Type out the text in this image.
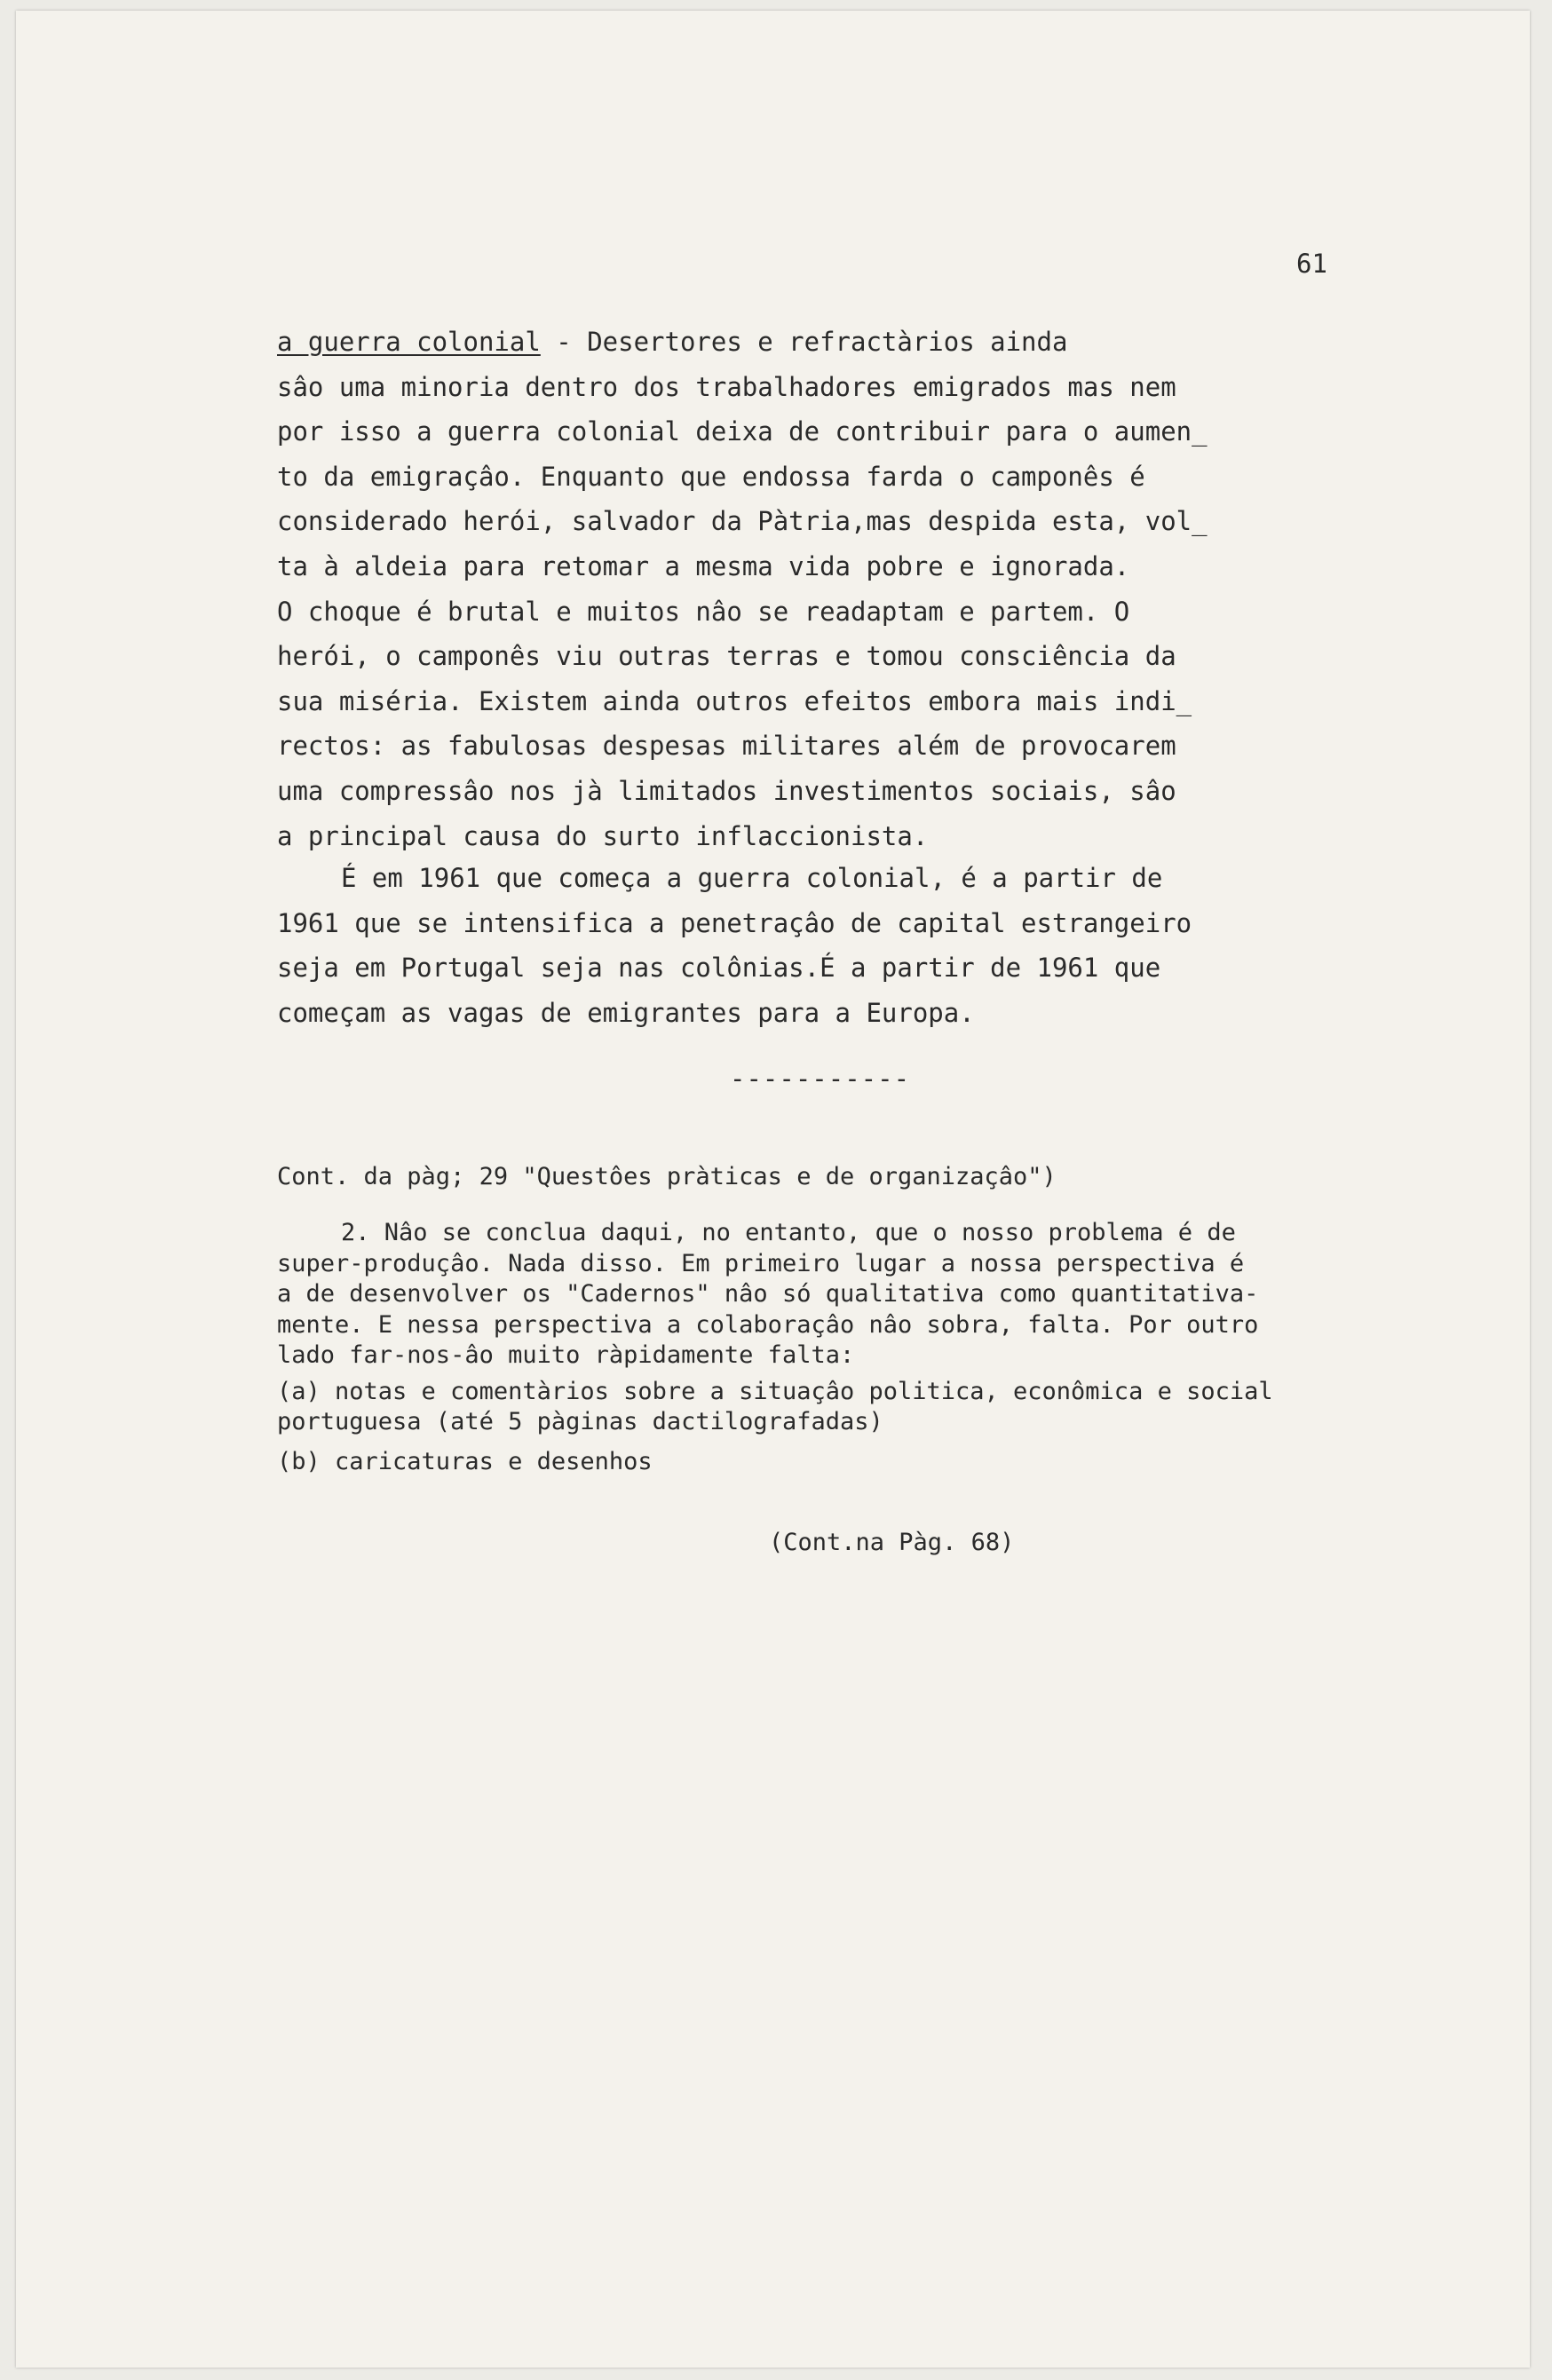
61
a guerra colonial - Desertores e refractàrios ainda
sâo uma minoria dentro dos trabalhadores emigrados mas nem
por isso a guerra colonial deixa de contribuir para o aumen_
to da emigraçâo. Enquanto que endossa farda o camponês é
considerado herói, salvador da Pàtria,mas despida esta, vol_
ta à aldeia para retomar a mesma vida pobre e ignorada.
O choque é brutal e muitos nâo se readaptam e partem. O
herói, o camponês viu outras terras e tomou consciência da
sua miséria. Existem ainda outros efeitos embora mais indi_
rectos: as fabulosas despesas militares além de provocarem
uma compressâo nos jà limitados investimentos sociais, sâo
a principal causa do surto inflaccionista.
É em 1961 que começa a guerra colonial, é a partir de
1961 que se intensifica a penetraçâo de capital estrangeiro
seja em Portugal seja nas colônias.É a partir de 1961 que
começam as vagas de emigrantes para a Europa.
-----------
Cont. da pàg; 29 "Questôes pràticas e de organizaçâo")
2. Nâo se conclua daqui, no entanto, que o nosso problema é de
super-produçâo. Nada disso. Em primeiro lugar a nossa perspectiva é
a de desenvolver os "Cadernos" nâo só qualitativa como quantitativa-
mente. E nessa perspectiva a colaboraçâo nâo sobra, falta. Por outro
lado far-nos-âo muito ràpidamente falta:
(a) notas e comentàrios sobre a situaçâo politica, econômica e social
portuguesa (até 5 pàginas dactilografadas)
(b) caricaturas e desenhos
(Cont.na Pàg. 68)
